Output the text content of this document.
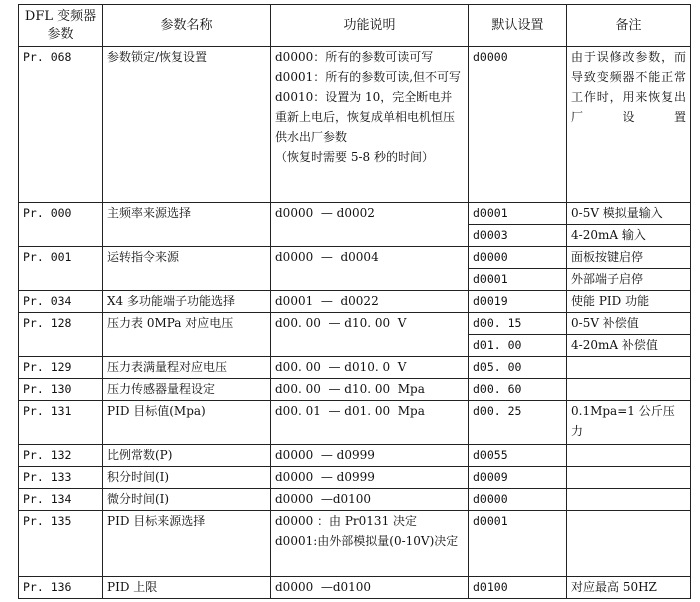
DFL 变频器参数	参数名称	功能说明	默认设置	备注
Pr. 068	参数锁定/恢复设置	d0000：所有的参数可读可写
d0001：所有的参数可读,但不可写
d0010：设置为 10，完全断电并重新上电后，恢复成单相电机恒压供水出厂参数
（恢复时需要 5-8 秒的时间）	d0000	由于误修改参数，而导致变频器不能正常工作时，用来恢复出厂设置
Pr. 000	主频率来源选择	d0000  — d0002	d0001	0-5V 模拟量输入
			d0003	4-20mA 输入
Pr. 001	运转指令来源	d0000  —  d0004	d0000	面板按键启停
			d0001	外部端子启停
Pr. 034	X4 多功能端子功能选择	d0001  —  d0022	d0019	使能 PID 功能
Pr. 128	压力表 0MPa 对应电压	d00. 00  — d10. 00  V	d00. 15	0-5V 补偿值
			d01. 00	4-20mA 补偿值
Pr. 129	压力表满量程对应电压	d00. 00  — d010. 0  V	d05. 00	
Pr. 130	压力传感器量程设定	d00. 00  — d10. 00  Mpa	d00. 60	
Pr. 131	PID 目标值(Mpa)	d00. 01  — d01. 00  Mpa	d00. 25	0.1Mpa=1 公斤压力
Pr. 132	比例常数(P)	d0000  — d0999	d0055	
Pr. 133	积分时间(I)	d0000  — d0999	d0009	
Pr. 134	微分时间(I)	d0000  —d0100	d0000	
Pr. 135	PID 目标来源选择	d0000 ：由 Pr0131 决定
d0001:由外部模拟量(0-10V)决定	d0001	
Pr. 136	PID 上限	d0000  —d0100	d0100	对应最高 50HZ
